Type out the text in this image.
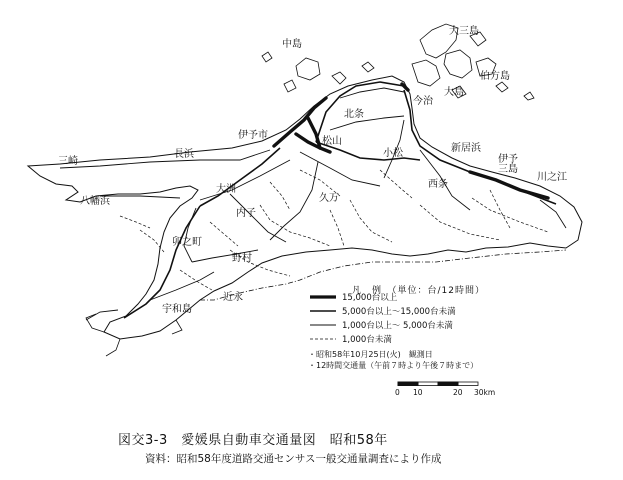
大三島
伯方島
中島
大島
今治
北条
伊予市
松山
小松	新居浜
伊予
三島
西条
川之江
三崎
長浜
大洲
八幡浜
内子
久万
卯之町
野村
近永
宇和島
凡　例　（単位：台/12時間）
15,000台以上
5,000台以上〜15,000台未満
1,000台以上〜 5,000台未満
1,000台未満
・昭和58年10月25日(火)　観測日
・12時間交通量（午前７時より午後７時まで）
0 10	20 30km
図交3-3　愛媛県自動車交通量図　昭和58年
資料：昭和58年度道路交通センサス一般交通量調査により作成
